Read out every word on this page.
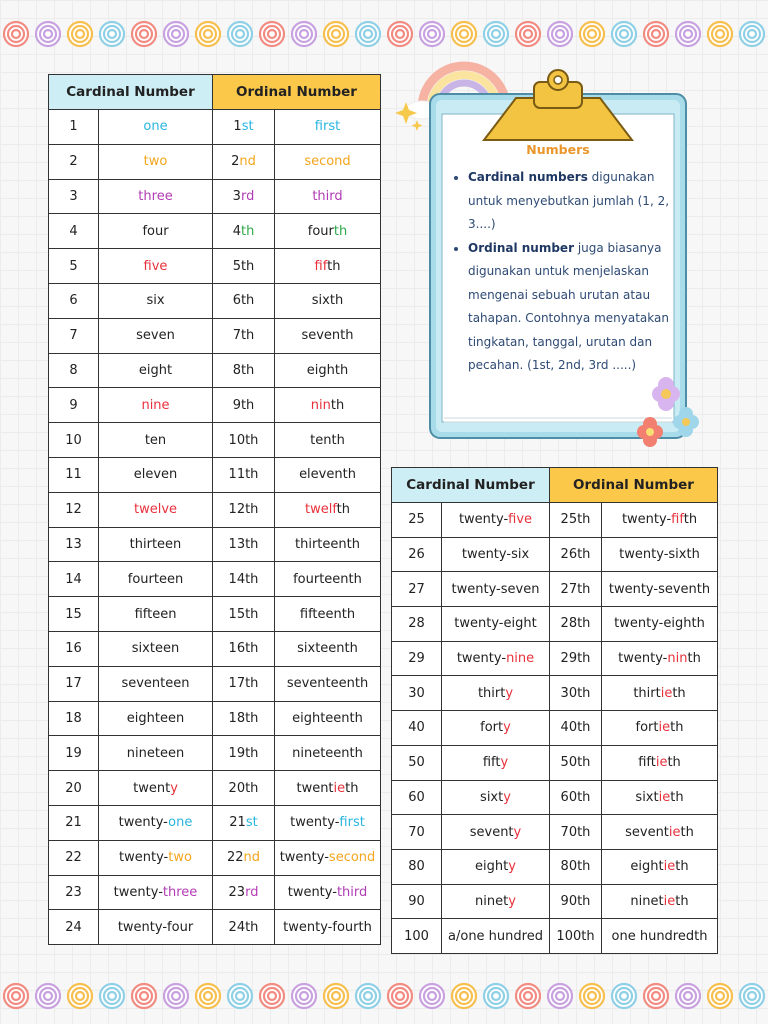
Cardinal Number		Ordinal Number	
1	one	1st	first
2	two	2nd	second
3	three	3rd	third
4	four	4th	fourth
5	five	5th	fifth
6	six	6th	sixth
7	seven	7th	seventh
8	eight	8th	eighth
9	nine	9th	ninth
10	ten	10th	tenth
11	eleven	11th	eleventh
12	twelve	12th	twelfth
13	thirteen	13th	thirteenth
14	fourteen	14th	fourteenth
15	fifteen	15th	fifteenth
16	sixteen	16th	sixteenth
17	seventeen	17th	seventeenth
18	eighteen	18th	eighteenth
19	nineteen	19th	nineteenth
20	twenty	20th	twentieth
21	twenty-one	21st	twenty-first
22	twenty-two	22nd	twenty-second
23	twenty-three	23rd	twenty-third
24	twenty-four	24th	twenty-fourth
Cardinal Number		Ordinal Number	
25	twenty-five	25th	twenty-fifth
26	twenty-six	26th	twenty-sixth
27	twenty-seven	27th	twenty-seventh
28	twenty-eight	28th	twenty-eighth
29	twenty-nine	29th	twenty-ninth
30	thirty	30th	thirtieth
40	forty	40th	fortieth
50	fifty	50th	fiftieth
60	sixty	60th	sixtieth
70	seventy	70th	seventieth
80	eighty	80th	eightieth
90	ninety	90th	ninetieth
100	a/one hundred	100th	one hundredth
Numbers
• Cardinal numbers digunakan untuk menyebutkan jumlah (1, 2, 3....)
• Ordinal number juga biasanya digunakan untuk menjelaskan mengenai sebuah urutan atau tahapan. Contohnya menyatakan tingkatan, tanggal, urutan dan pecahan. (1st, 2nd, 3rd .....)
